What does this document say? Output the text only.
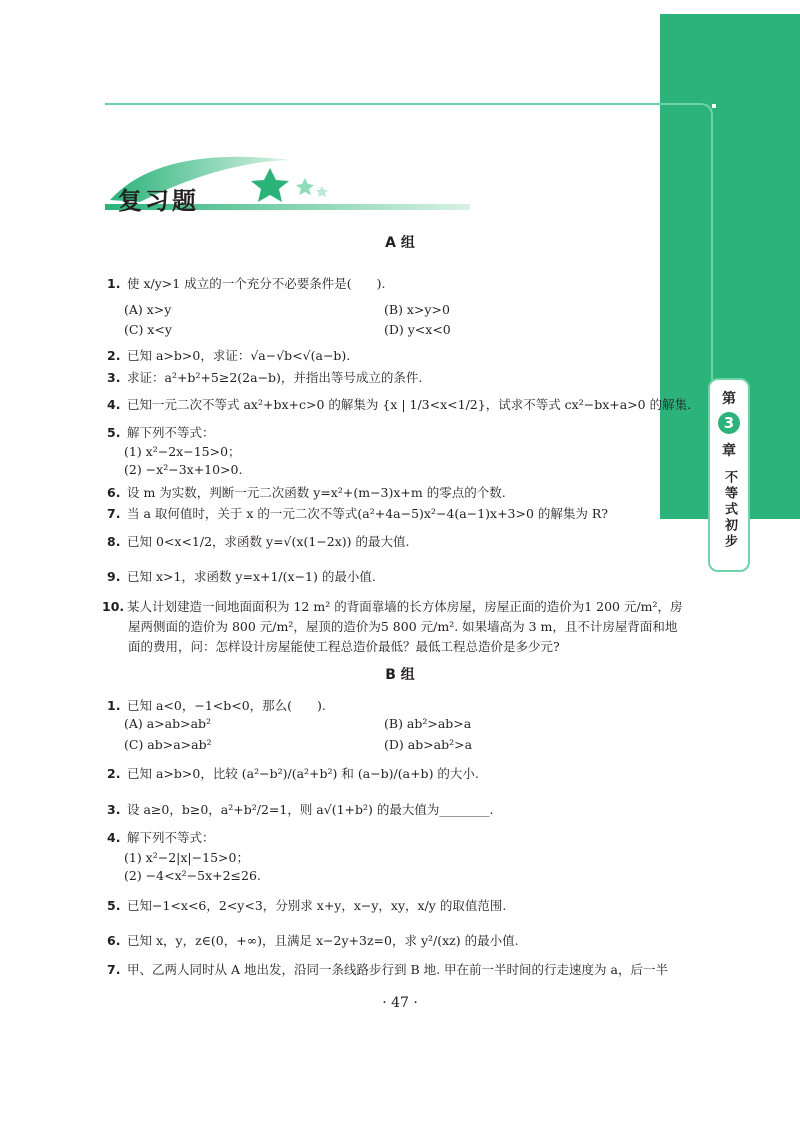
复习题
A 组
1. 使 x/y>1 成立的一个充分不必要条件是(　　).
(A) x>y	(B) x>y>0
(C) x<y	(D) y<x<0
2. 已知 a>b>0，求证：√a−√b<√(a−b).
3. 求证：a²+b²+5≥2(2a−b)，并指出等号成立的条件.
4. 已知一元二次不等式 ax²+bx+c>0 的解集为 {x | 1/3<x<1/2}，试求不等式 cx²−bx+a>0 的解集.
5. 解下列不等式：
(1) x²−2x−15>0；
(2) −x²−3x+10>0.
6. 设 m 为实数，判断一元二次函数 y=x²+(m−3)x+m 的零点的个数.
7. 当 a 取何值时，关于 x 的一元二次不等式(a²+4a−5)x²−4(a−1)x+3>0 的解集为 R?
8. 已知 0<x<1/2，求函数 y=√(x(1−2x)) 的最大值.
9. 已知 x>1，求函数 y=x+1/(x−1) 的最小值.
10. 某人计划建造一间地面面积为 12 m² 的背面靠墙的长方体房屋，房屋正面的造价为1 200 元/m²，房
屋两侧面的造价为 800 元/m²，屋顶的造价为5 800 元/m². 如果墙高为 3 m，且不计房屋背面和地
面的费用，问：怎样设计房屋能使工程总造价最低？最低工程总造价是多少元?
B 组
1. 已知 a<0，−1<b<0，那么(　　).
(A) a>ab>ab²	(B) ab²>ab>a
(C) ab>a>ab²	(D) ab>ab²>a
2. 已知 a>b>0，比较 (a²−b²)/(a²+b²) 和 (a−b)/(a+b) 的大小.
3. 设 a≥0，b≥0，a²+b²/2=1，则 a√(1+b²) 的最大值为________.
4. 解下列不等式：
(1) x²−2|x|−15>0；
(2) −4<x²−5x+2≤26.
5. 已知−1<x<6，2<y<3，分别求 x+y，x−y，xy，x/y 的取值范围.
6. 已知 x，y，z∈(0，+∞)，且满足 x−2y+3z=0，求 y²/(xz) 的最小值.
7. 甲、乙两人同时从 A 地出发，沿同一条线路步行到 B 地. 甲在前一半时间的行走速度为 a，后一半
第
3
章
不等式初步
· 47 ·
